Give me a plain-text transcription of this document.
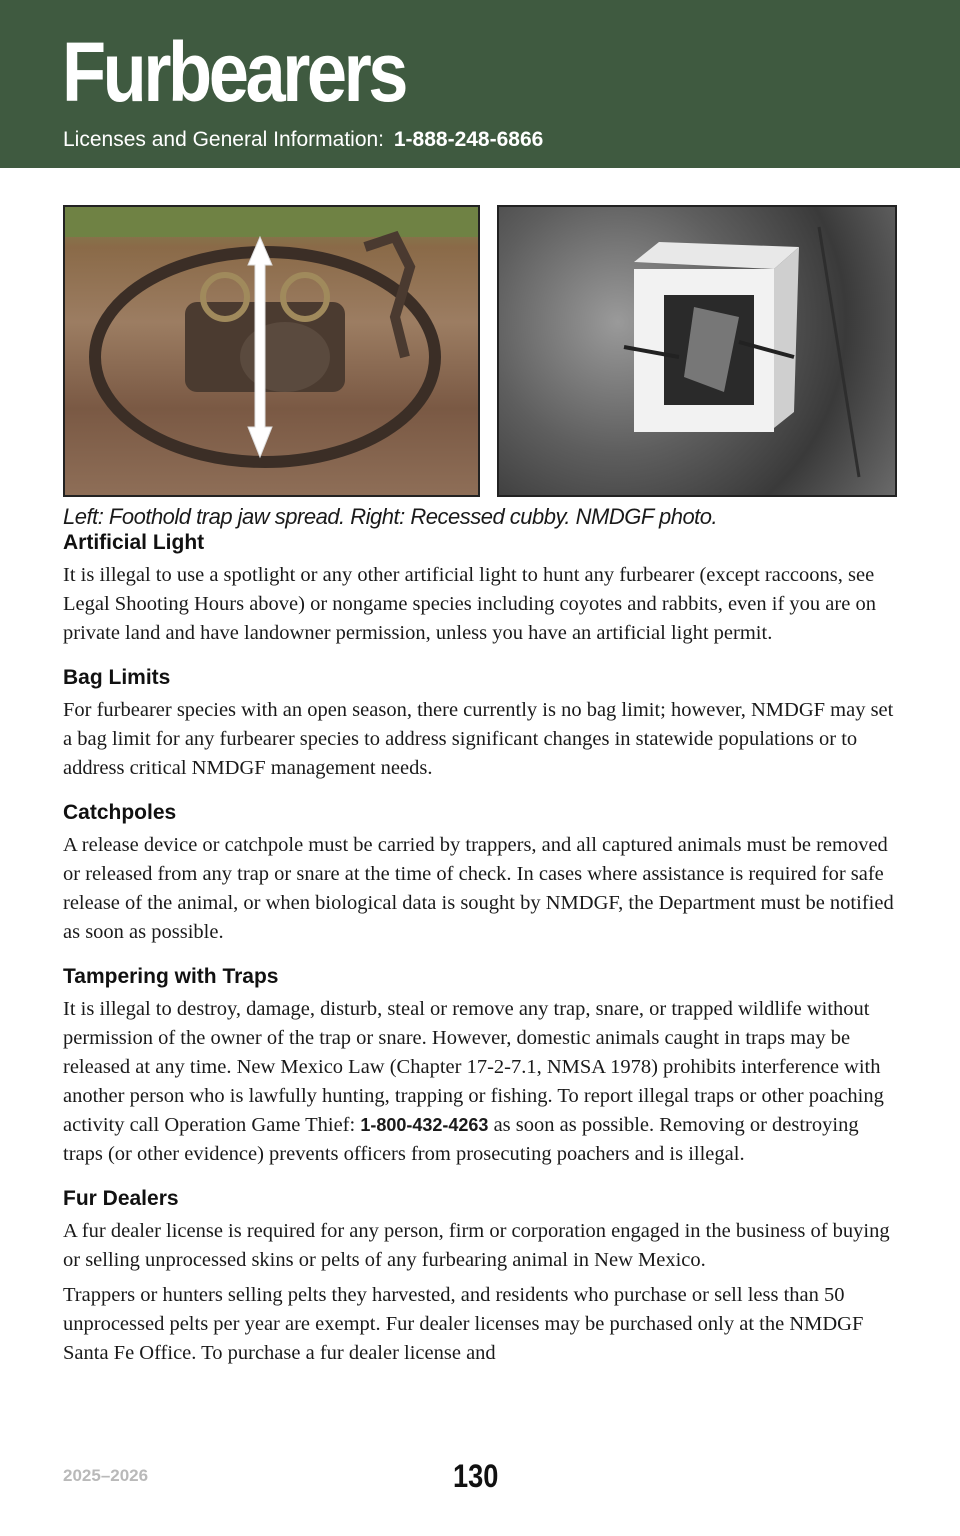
Furbearers
Licenses and General Information: 1-888-248-6866
Left: Foothold trap jaw spread. Right: Recessed cubby. NMDGF photo.
Artificial Light

It is illegal to use a spotlight or any other artificial light to hunt any furbearer (except raccoons, see Legal Shooting Hours above) or nongame species including coyotes and rabbits, even if you are on private land and have landowner permission, unless you have an artificial light permit.

Bag Limits

For furbearer species with an open season, there currently is no bag limit; however, NMDGF may set a bag limit for any furbearer species to address significant changes in statewide populations or to address critical NMDGF management needs.

Catchpoles

A release device or catchpole must be carried by trappers, and all captured animals must be removed or released from any trap or snare at the time of check. In cases where assistance is required for safe release of the animal, or when biological data is sought by NMDGF, the Department must be notified as soon as possible.

Tampering with Traps

It is illegal to destroy, damage, disturb, steal or remove any trap, snare, or trapped wildlife without permission of the owner of the trap or snare. However, domestic animals caught in traps may be released at any time. New Mexico Law (Chapter 17-2-7.1, NMSA 1978) prohibits interference with another person who is lawfully hunting, trapping or fishing. To report illegal traps or other poaching activity call Operation Game Thief: 1-800-432-4263 as soon as possible. Removing or destroying traps (or other evidence) prevents officers from prosecuting poachers and is illegal.

Fur Dealers

A fur dealer license is required for any person, firm or corporation engaged in the business of buying or selling unprocessed skins or pelts of any furbearing animal in New Mexico.

Trappers or hunters selling pelts they harvested, and residents who purchase or sell less than 50 unprocessed pelts per year are exempt. Fur dealer licenses may be purchased only at the NMDGF Santa Fe Office. To purchase a fur dealer license and

2025–2026	130
